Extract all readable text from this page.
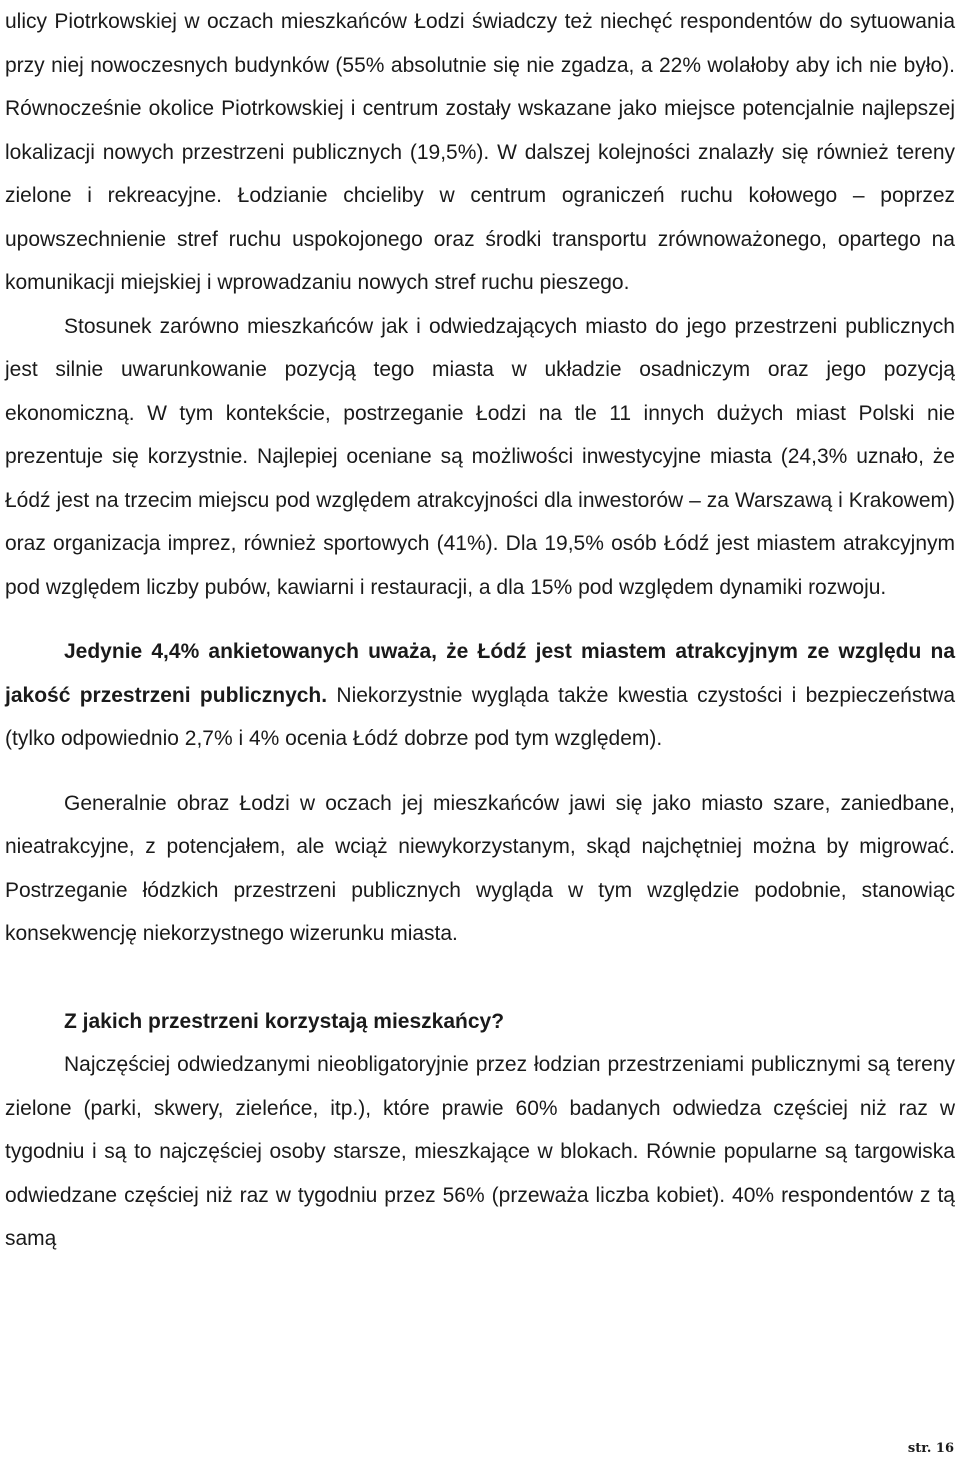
ulicy Piotrkowskiej w oczach mieszkańców Łodzi świadczy też niechęć respondentów do sytuowania przy niej nowoczesnych budynków (55% absolutnie się nie zgadza, a 22% wolałoby aby ich nie było). Równocześnie okolice Piotrkowskiej i centrum zostały wskazane jako miejsce potencjalnie najlepszej lokalizacji nowych przestrzeni publicznych (19,5%). W dalszej kolejności znalazły się również tereny zielone i rekreacyjne. Łodzianie chcieliby w centrum ograniczeń ruchu kołowego – poprzez upowszechnienie stref ruchu uspokojonego oraz środki transportu zrównoważonego, opartego na komunikacji miejskiej i wprowadzaniu nowych stref ruchu pieszego.

Stosunek zarówno mieszkańców jak i odwiedzających miasto do jego przestrzeni publicznych jest silnie uwarunkowanie pozycją tego miasta w układzie osadniczym oraz jego pozycją ekonomiczną. W tym kontekście, postrzeganie Łodzi na tle 11 innych dużych miast Polski nie prezentuje się korzystnie. Najlepiej oceniane są możliwości inwestycyjne miasta (24,3% uznało, że Łódź jest na trzecim miejscu pod względem atrakcyjności dla inwestorów – za Warszawą i Krakowem) oraz organizacja imprez, również sportowych (41%). Dla 19,5% osób Łódź jest miastem atrakcyjnym pod względem liczby pubów, kawiarni i restauracji, a dla 15% pod względem dynamiki rozwoju.

Jedynie 4,4% ankietowanych uważa, że Łódź jest miastem atrakcyjnym ze względu na jakość przestrzeni publicznych. Niekorzystnie wygląda także kwestia czystości i bezpieczeństwa (tylko odpowiednio 2,7% i 4% ocenia Łódź dobrze pod tym względem).

Generalnie obraz Łodzi w oczach jej mieszkańców jawi się jako miasto szare, zaniedbane, nieatrakcyjne, z potencjałem, ale wciąż niewykorzystanym, skąd najchętniej można by migrować. Postrzeganie łódzkich przestrzeni publicznych wygląda w tym względzie podobnie, stanowiąc konsekwencję niekorzystnego wizerunku miasta.

Z jakich przestrzeni korzystają mieszkańcy?

Najczęściej odwiedzanymi nieobligatoryjnie przez łodzian przestrzeniami publicznymi są tereny zielone (parki, skwery, zieleńce, itp.), które prawie 60% badanych odwiedza częściej niż raz w tygodniu i są to najczęściej osoby starsze, mieszkające w blokach. Równie popularne są targowiska odwiedzane częściej niż raz w tygodniu przez 56% (przeważa liczba kobiet). 40% respondentów z tą samą

str. 16
